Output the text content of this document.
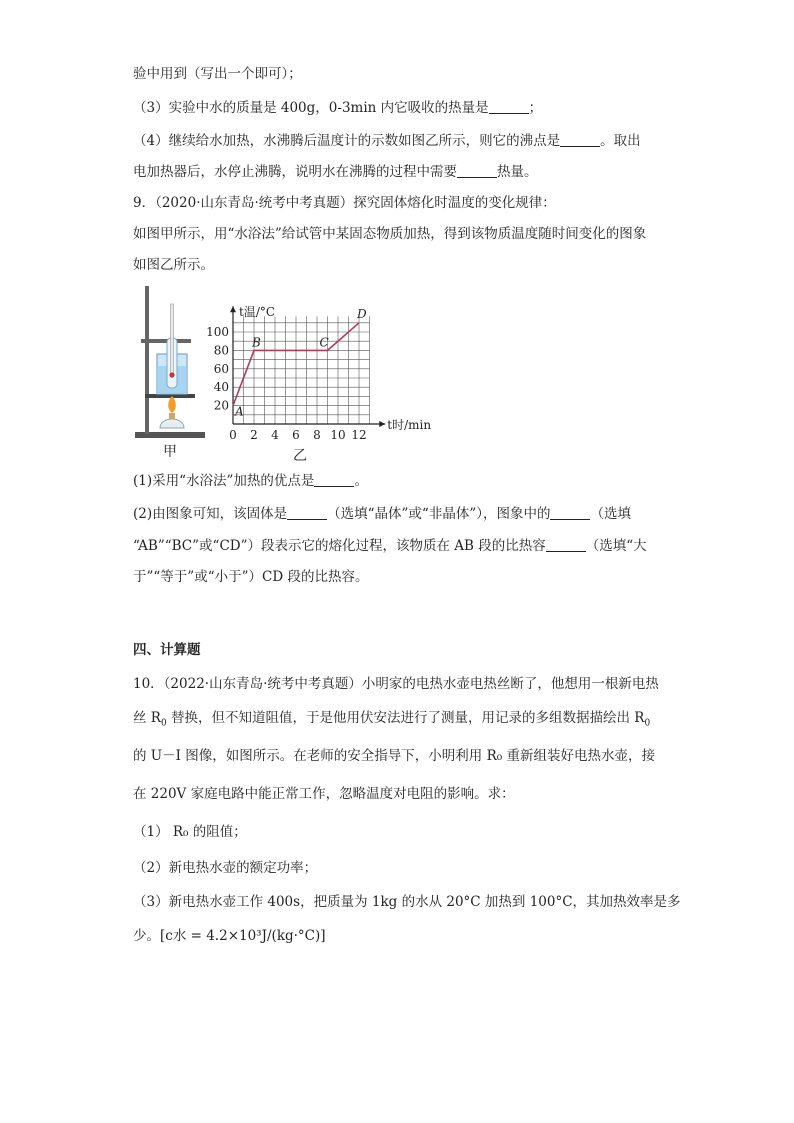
验中用到（写出一个即可）；
（3）实验中水的质量是 400g，0-3min 内它吸收的热量是	；
（4）继续给水加热，水沸腾后温度计的示数如图乙所示，则它的沸点是	。取出
电加热器后，水停止沸腾，说明水在沸腾的过程中需要	热量。
9．（2020·山东青岛·统考中考真题）探究固体熔化时温度的变化规律：
如图甲所示，用“水浴法”给试管中某固态物质加热，得到该物质温度随时间变化的图象
如图乙所示。
甲
0 2 4 6 8 10 12
20
40
60
80
100
t温/°C
t时/min
A
B	C
D
乙
(1)采用“水浴法”加热的优点是	。
(2)由图象可知，该固体是	（选填“晶体”或“非晶体”），图象中的	（选填
“AB”“BC”或“CD”）段表示它的熔化过程，该物质在 AB 段的比热容	（选填“大
于”“等于”或“小于”）CD 段的比热容。
四、计算题
10．（2022·山东青岛·统考中考真题）小明家的电热水壶电热丝断了，他想用一根新电热
丝 $R_0$ 替换，但不知道阻值，于是他用伏安法进行了测量，用记录的多组数据描绘出 $R_0$
的 U－I 图像，如图所示。在老师的安全指导下，小明利用 R₀ 重新组装好电热水壶，接
在 220V 家庭电路中能正常工作，忽略温度对电阻的影响。求：
（1） R₀ 的阻值；
（2）新电热水壶的额定功率；
（3）新电热水壶工作 400s，把质量为 1kg 的水从 20°C 加热到 100°C，其加热效率是多
少。[c水 = 4.2×10³J/(kg·°C)]
